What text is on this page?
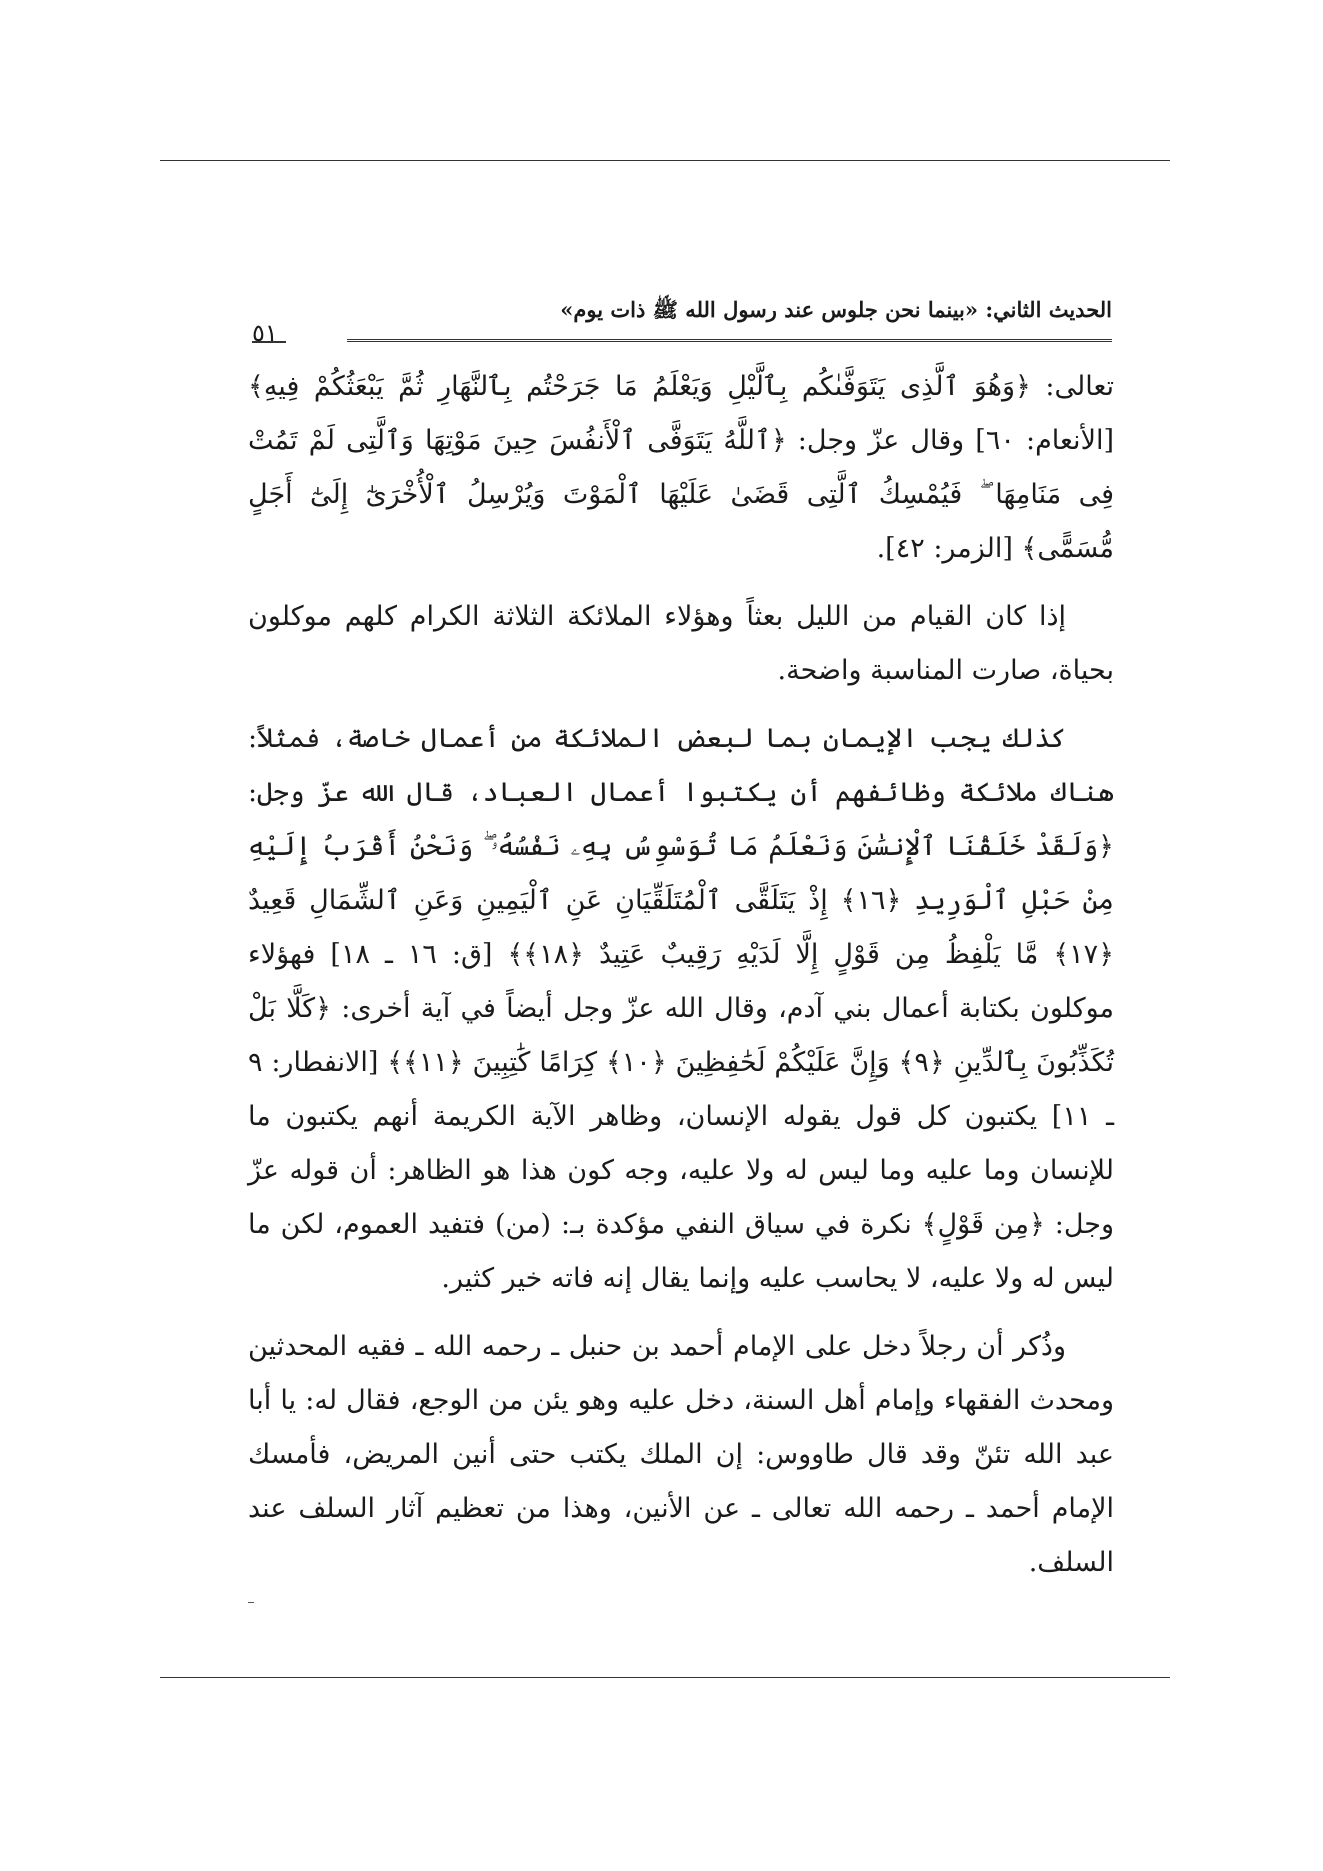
الحديث الثاني: «بينما نحن جلوس عند رسول الله ﷺ ذات يوم»
٥١

تعالى: ﴿وَهُوَ ٱلَّذِى يَتَوَفَّىٰكُم بِٱلَّيْلِ وَيَعْلَمُ مَا جَرَحْتُم بِٱلنَّهَارِ ثُمَّ يَبْعَثُكُمْ فِيهِ﴾ [الأنعام: ٦٠] وقال عزّ وجل: ﴿ٱللَّهُ يَتَوَفَّى ٱلْأَنفُسَ حِينَ مَوْتِهَا وَٱلَّتِى لَمْ تَمُتْ فِى مَنَامِهَا ۖ فَيُمْسِكُ ٱلَّتِى قَضَىٰ عَلَيْهَا ٱلْمَوْتَ وَيُرْسِلُ ٱلْأُخْرَىٰٓ إِلَىٰٓ أَجَلٍ مُّسَمًّى﴾ [الزمر: ٤٢].

إذا كان القيام من الليل بعثاً وهؤلاء الملائكة الثلاثة الكرام كلهم موكلون بحياة، صارت المناسبة واضحة.

كذلك يجب الإيمان بما لبعض الملائكة من أعمال خاصة، فمثلاً: هناك ملائكة وظائفهم أن يكتبوا أعمال العباد، قال الله عزّ وجل: ﴿وَلَقَدْ خَلَقْنَا ٱلْإِنسَٰنَ وَنَعْلَمُ مَا تُوَسْوِسُ بِهِۦ نَفْسُهُۥ ۖ وَنَحْنُ أَقْرَبُ إِلَيْهِ مِنْ حَبْلِ ٱلْوَرِيدِ ﴿١٦﴾ إِذْ يَتَلَقَّى ٱلْمُتَلَقِّيَانِ عَنِ ٱلْيَمِينِ وَعَنِ ٱلشِّمَالِ قَعِيدٌ ﴿١٧﴾ مَّا يَلْفِظُ مِن قَوْلٍ إِلَّا لَدَيْهِ رَقِيبٌ عَتِيدٌ ﴿١٨﴾﴾ [ق: ١٦ ـ ١٨] فهؤلاء موكلون بكتابة أعمال بني آدم، وقال الله عزّ وجل أيضاً في آية أخرى: ﴿كَلَّا بَلْ تُكَذِّبُونَ بِٱلدِّينِ ﴿٩﴾ وَإِنَّ عَلَيْكُمْ لَحَٰفِظِينَ ﴿١٠﴾ كِرَامًا كَٰتِبِينَ ﴿١١﴾﴾ [الانفطار: ٩ ـ ١١] يكتبون كل قول يقوله الإنسان، وظاهر الآية الكريمة أنهم يكتبون ما للإنسان وما عليه وما ليس له ولا عليه، وجه كون هذا هو الظاهر: أن قوله عزّ وجل: ﴿مِن قَوْلٍ﴾ نكرة في سياق النفي مؤكدة بـ: (من) فتفيد العموم، لكن ما ليس له ولا عليه، لا يحاسب عليه وإنما يقال إنه فاته خير كثير.

وذُكر أن رجلاً دخل على الإمام أحمد بن حنبل ـ رحمه الله ـ فقيه المحدثين ومحدث الفقهاء وإمام أهل السنة، دخل عليه وهو يئن من الوجع، فقال له: يا أبا عبد الله تئنّ وقد قال طاووس: إن الملك يكتب حتى أنين المريض، فأمسك الإمام أحمد ـ رحمه الله تعالى ـ عن الأنين، وهذا من تعظيم آثار السلف عند السلف.
